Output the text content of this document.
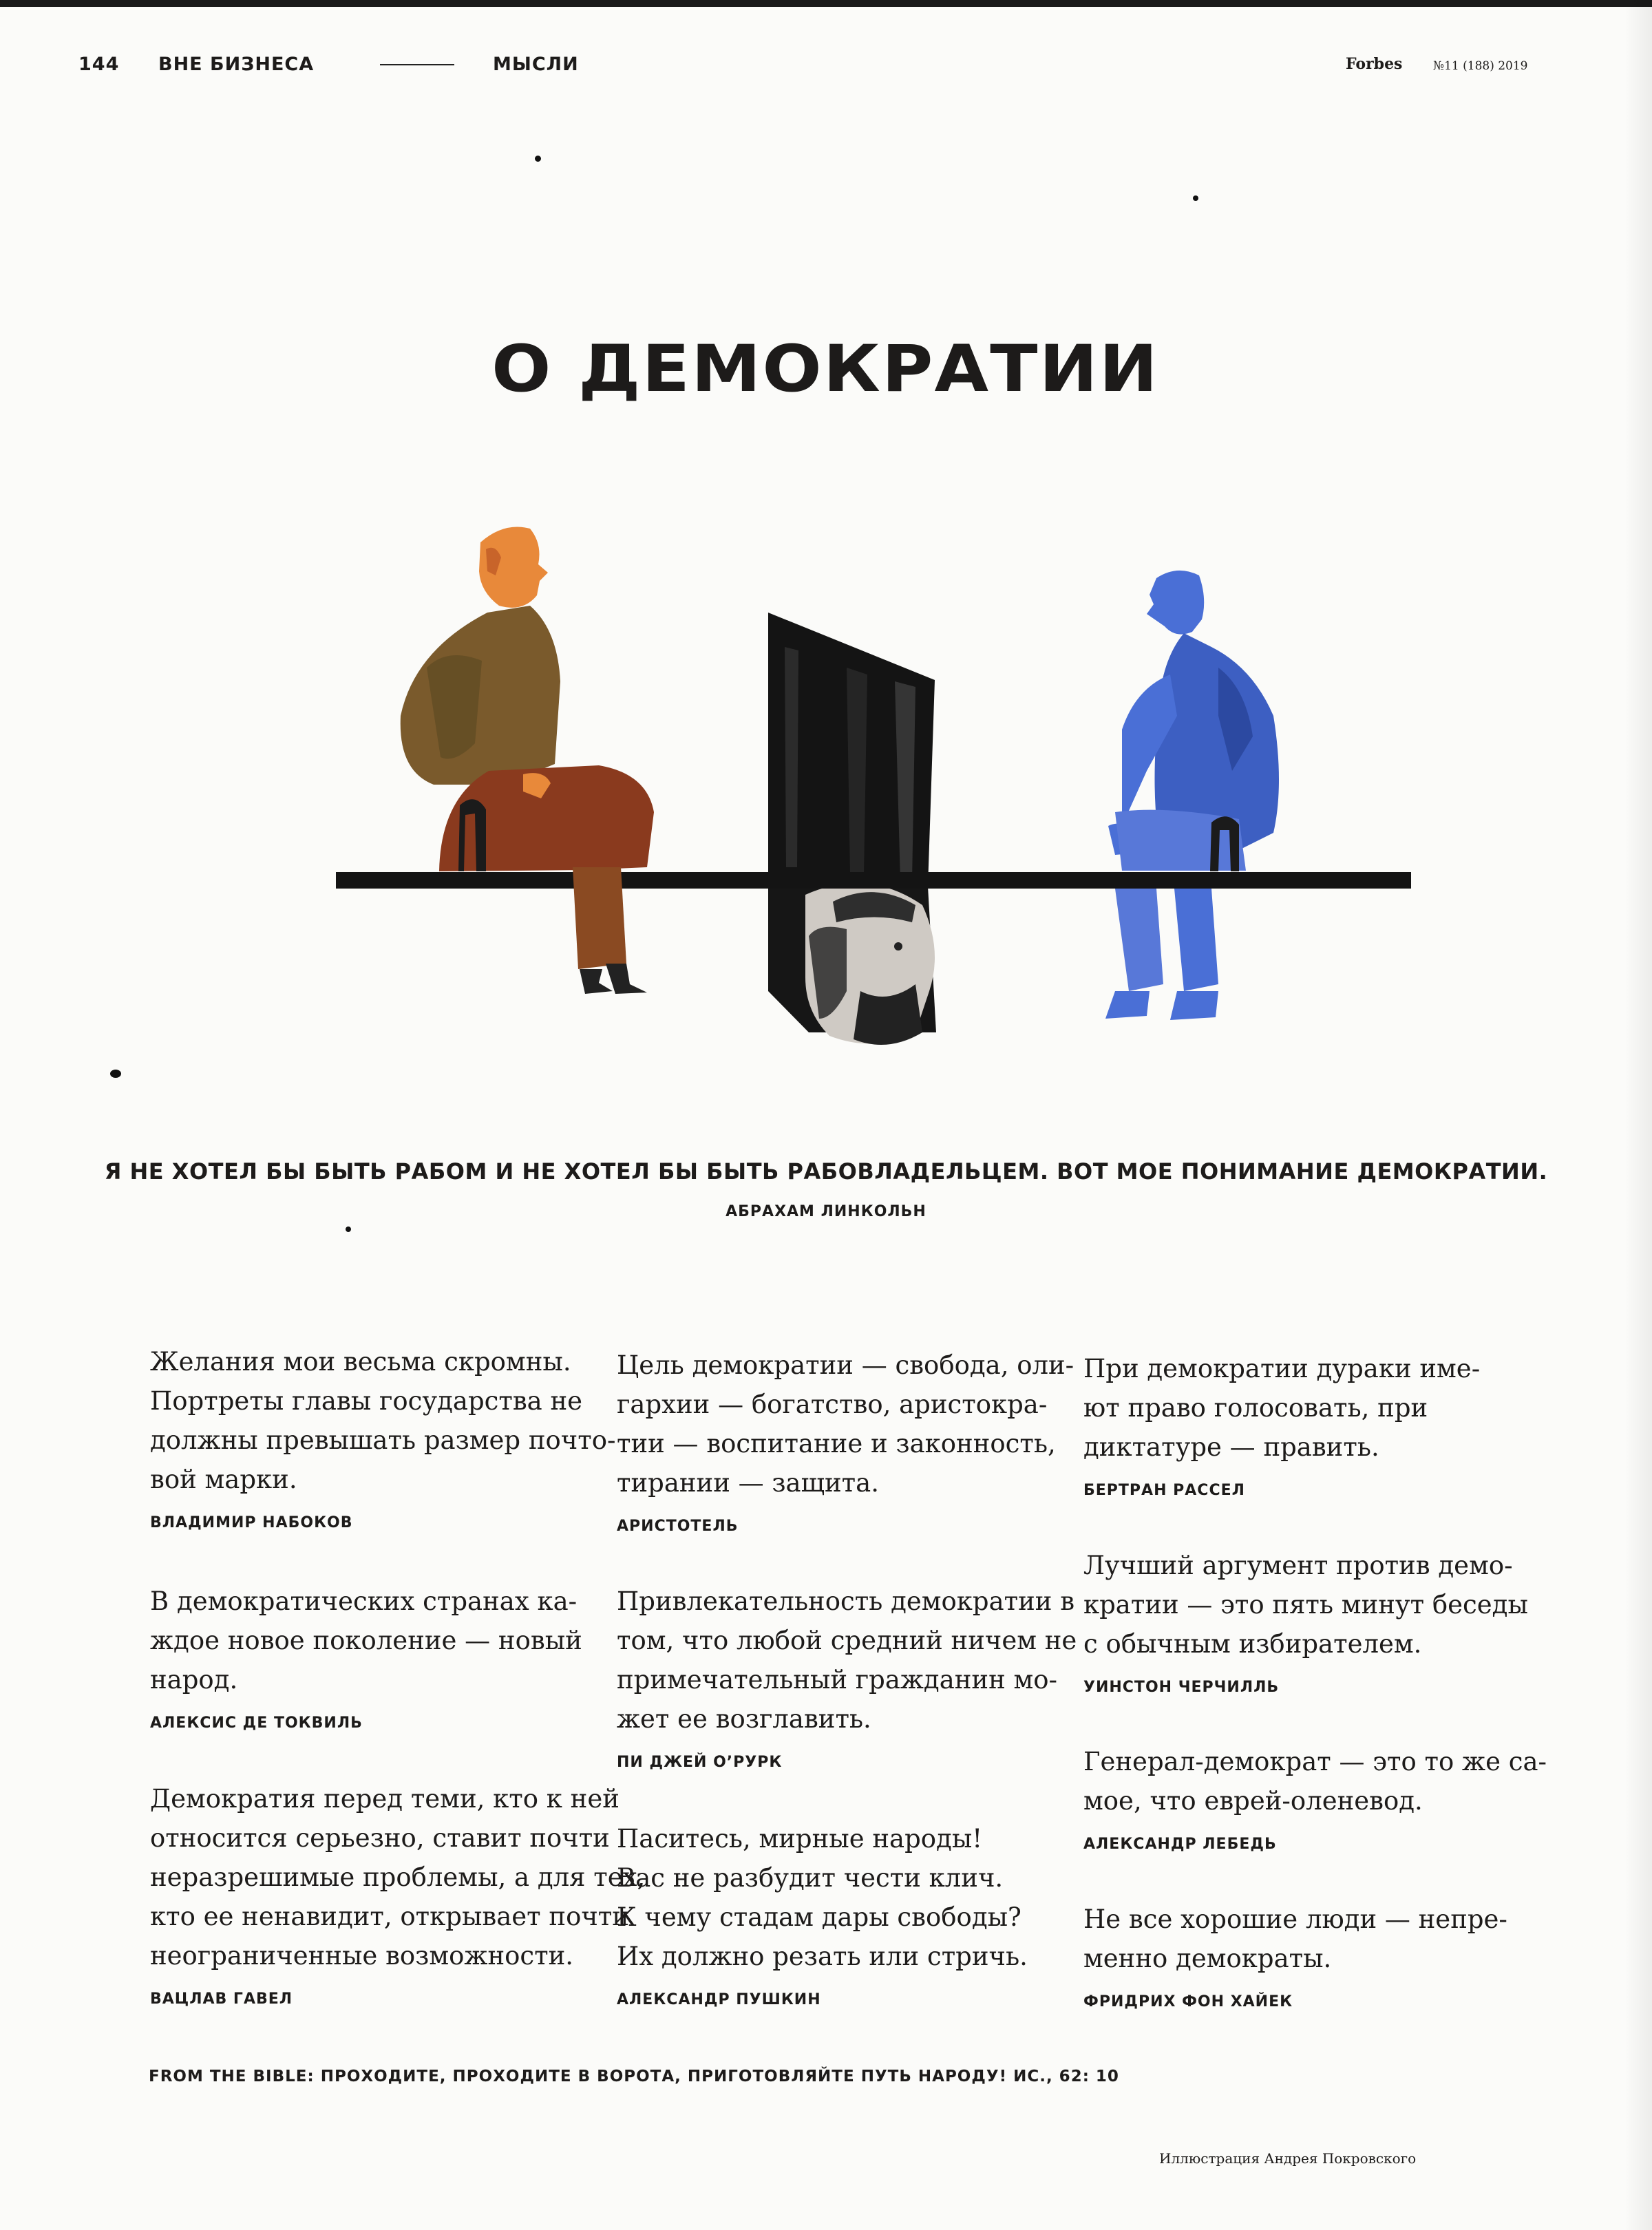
144 ВНЕ БИЗНЕСА	МЫСЛИ	Forbes	№11 (188) 2019
О ДЕМОКРАТИИ
Я НЕ ХОТЕЛ БЫ БЫТЬ РАБОМ И НЕ ХОТЕЛ БЫ БЫТЬ РАБОВЛАДЕЛЬЦЕМ. ВОТ МОЕ ПОНИМАНИЕ ДЕМОКРАТИИ.
АБРАХАМ ЛИНКОЛЬН
Желания мои весьма скромны.
Портреты главы государства не
должны превышать размер почто-
вой марки.
ВЛАДИМИР НАБОКОВ
В демократических странах ка-
ждое новое поколение — новый
народ.
АЛЕКСИС ДЕ ТОКВИЛЬ
Демократия перед теми, кто к ней
относится серьезно, ставит почти
неразрешимые проблемы, а для тех,
кто ее ненавидит, открывает почти
неограниченные возможности.
ВАЦЛАВ ГАВЕЛ
Цель демократии — свобода, оли-
гархии — богатство, аристокра-
тии — воспитание и законность,
тирании — защита.
АРИСТОТЕЛЬ
Привлекательность демократии в
том, что любой средний ничем не
примечательный гражданин мо-
жет ее возглавить.
ПИ ДЖЕЙ О’РУРК
Паситесь, мирные народы!
Вас не разбудит чести клич.
К чему стадам дары свободы?
Их должно резать или стричь.
АЛЕКСАНДР ПУШКИН
При демократии дураки име-
ют право голосовать, при
диктатуре — править.
БЕРТРАН РАССЕЛ
Лучший аргумент против демо-
кратии — это пять минут беседы
с обычным избирателем.
УИНСТОН ЧЕРЧИЛЛЬ
Генерал-демократ — это то же са-
мое, что еврей-оленевод.
АЛЕКСАНДР ЛЕБЕДЬ
Не все хорошие люди — непре-
менно демократы.
ФРИДРИХ ФОН ХАЙЕК
FROM THE BIBLE: ПРОХОДИТЕ, ПРОХОДИТЕ В ВОРОТА, ПРИГОТОВЛЯЙТЕ ПУТЬ НАРОДУ! ИС., 62: 10
Иллюстрация Андрея Покровского
